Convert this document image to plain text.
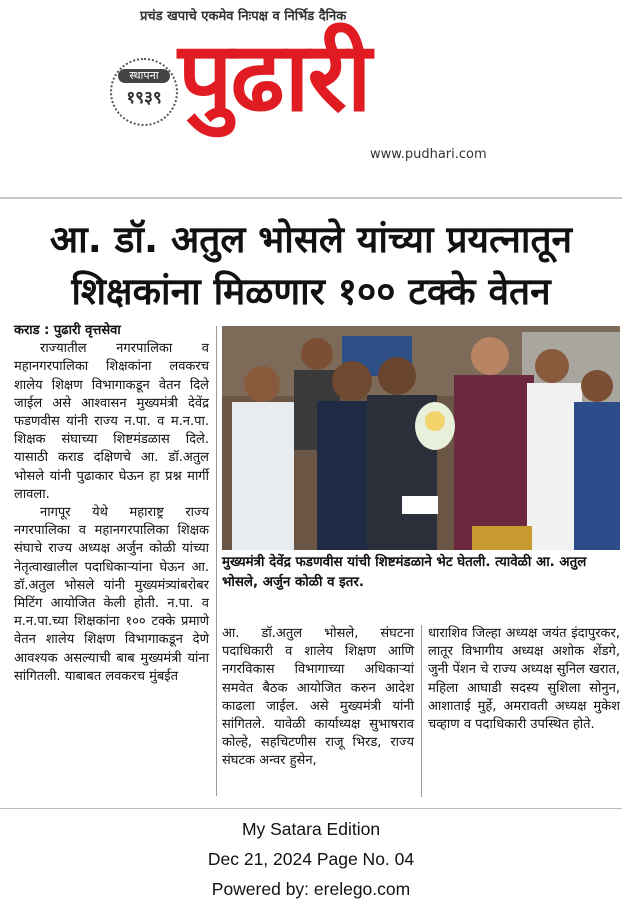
प्रचंड खपाचे एकमेव निःपक्ष व निर्भिड दैनिक
स्थापना
१९३९ पुढारी
www.pudhari.com
आ. डॉ. अतुल भोसले यांच्या प्रयत्नातून
शिक्षकांना मिळणार १०० टक्के वेतन
कराड : पुढारी वृत्तसेवा
राज्यातील नगरपालिका व महानगरपालिका शिक्षकांना लवकरच शालेय शिक्षण विभागाकडून वेतन दिले जाईल असे आश्वासन मुख्यमंत्री देवेंद्र फडणवीस यांनी राज्य न.पा. व म.न.पा. शिक्षक संघाच्या शिष्टमंडळास दिले. यासाठी कराड दक्षिणचे आ. डॉ.अतुल भोसले यांनी पुढाकार घेऊन हा प्रश्न मार्गी लावला.
नागपूर येथे महाराष्ट्र राज्य नगरपालिका व महानगरपालिका शिक्षक संघाचे राज्य अध्यक्ष अर्जुन कोळी यांच्या नेतृत्वाखालील पदाधिकार्‍यांना घेऊन आ. डॉ.अतुल भोसले यांनी मुख्यमंत्र्यांबरोबर मिटिंग आयोजित केली होती. न.पा. व म.न.पा.च्या शिक्षकांना १०० टक्के प्रमाणे वेतन शालेय शिक्षण विभागाकडून देणे आवश्यक असल्याची बाब मुख्यमंत्री यांना सांगितली. याबाबत लवकरच मुंबईत
मुख्यमंत्री देवेंद्र फडणवीस यांची शिष्टमंडळाने भेट घेतली. त्यावेळी आ. अतुल भोसले, अर्जुन कोळी व इतर.
आ. डॉ.अतुल भोसले, संघटना पदाधिकारी व शालेय शिक्षण आणि नगरविकास विभागाच्या अधिकार्‍यां समवेत बैठक आयोजित करुन आदेश काढला जाईल. असे मुख्यमंत्री यांनी सांगितले. यावेळी कार्याध्यक्ष सुभाषराव कोल्हे, सहचिटणीस राजू भिरड, राज्य संघटक अन्वर हुसेन,
धाराशिव जिल्हा अध्यक्ष जयंत इंदापुरकर, लातूर विभागीय अध्यक्ष अशोक शेंडगे, जुनी पेंशन चे राज्य अध्यक्ष सुनिल खरात, महिला आघाडी सदस्य सुशिला सोनुन, आशाताई मुर्हे, अमरावती अध्यक्ष मुकेश चव्हाण व पदाधिकारी उपस्थित होते.
My Satara Edition
Dec 21, 2024 Page No. 04
Powered by: erelego.com
